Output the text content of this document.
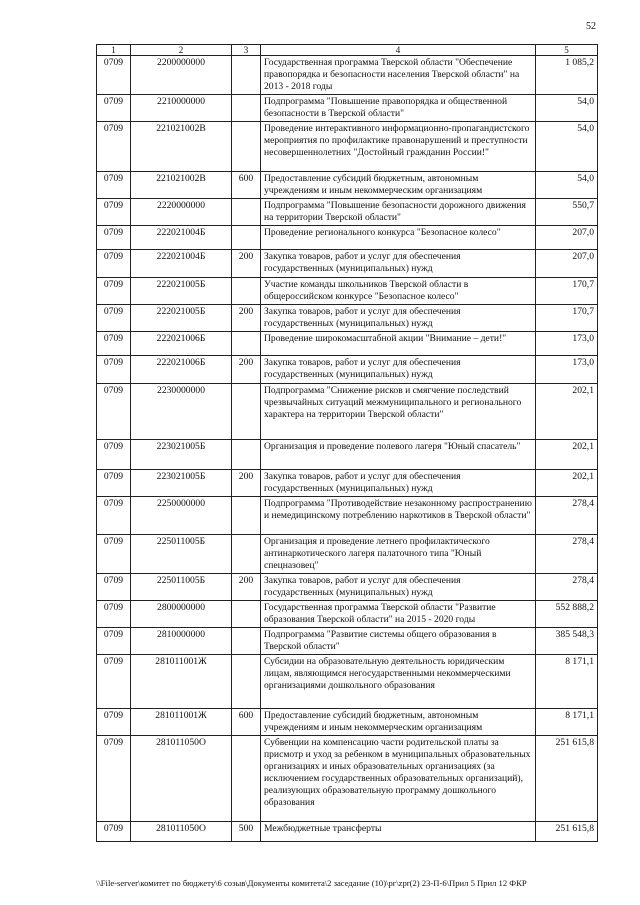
52
1	2	3	4	5
0709	2200000000		Государственная программа Тверской области "Обеспечение правопорядка и безопасности населения Тверской области" на 2013 - 2018 годы	1 085,2
0709	2210000000		Подпрограмма "Повышение правопорядка и общественной безопасности в Тверской области"	54,0
0709	221021002В		Проведение интерактивного информационно-пропагандистского мероприятия по профилактике правонарушений и преступности несовершеннолетних "Достойный гражданин России!"	54,0
0709	221021002В	600	Предоставление субсидий бюджетным, автономным учреждениям и иным некоммерческим организациям	54,0
0709	2220000000		Подпрограмма "Повышение безопасности дорожного движения на территории Тверской области"	550,7
0709	222021004Б		Проведение регионального конкурса "Безопасное колесо"	207,0
0709	222021004Б	200	Закупка товаров, работ и услуг для обеспечения государственных (муниципальных) нужд	207,0
0709	222021005Б		Участие команды школьников Тверской области в общероссийском конкурсе "Безопасное колесо"	170,7
0709	222021005Б	200	Закупка товаров, работ и услуг для обеспечения государственных (муниципальных) нужд	170,7
0709	222021006Б		Проведение широкомасштабной акции "Внимание – дети!"	173,0
0709	222021006Б	200	Закупка товаров, работ и услуг для обеспечения государственных (муниципальных) нужд	173,0
0709	2230000000		Подпрограмма "Снижение рисков и смягчение последствий чрезвычайных ситуаций межмуниципального и регионального характера на территории Тверской области"	202,1
0709	223021005Б		Организация и проведение полевого лагеря "Юный спасатель"	202,1
0709	223021005Б	200	Закупка товаров, работ и услуг для обеспечения государственных (муниципальных) нужд	202,1
0709	2250000000		Подпрограмма "Противодействие незаконному распространению и немедицинскому потреблению наркотиков в Тверской области"	278,4
0709	225011005Б		Организация и проведение летнего профилактического антинаркотического лагеря палаточного типа "Юный спецназовец"	278,4
0709	225011005Б	200	Закупка товаров, работ и услуг для обеспечения государственных (муниципальных) нужд	278,4
0709	2800000000		Государственная программа Тверской области "Развитие образования Тверской области" на 2015 - 2020 годы	552 888,2
0709	2810000000		Подпрограмма "Развитие системы общего образования в Тверской области"	385 548,3
0709	281011001Ж		Субсидии на образовательную деятельность юридическим лицам, являющимся негосударственными некоммерческими организациями дошкольного образования	8 171,1
0709	281011001Ж	600	Предоставление субсидий бюджетным, автономным учреждениям и иным некоммерческим организациям	8 171,1
0709	281011050О		Субвенции на компенсацию части родительской платы за присмотр и уход за ребенком в муниципальных образовательных организациях и иных образовательных организациях (за исключением государственных образовательных организаций), реализующих образовательную программу дошкольного образования	251 615,8
0709	281011050О	500	Межбюджетные трансферты	251 615,8
\\File-server\комитет по бюджету\6 созыв\Документы комитета\2 заседание (10)\рг\zpr(2) 23-П-6\Прил 5 Прил 12 ФКР
